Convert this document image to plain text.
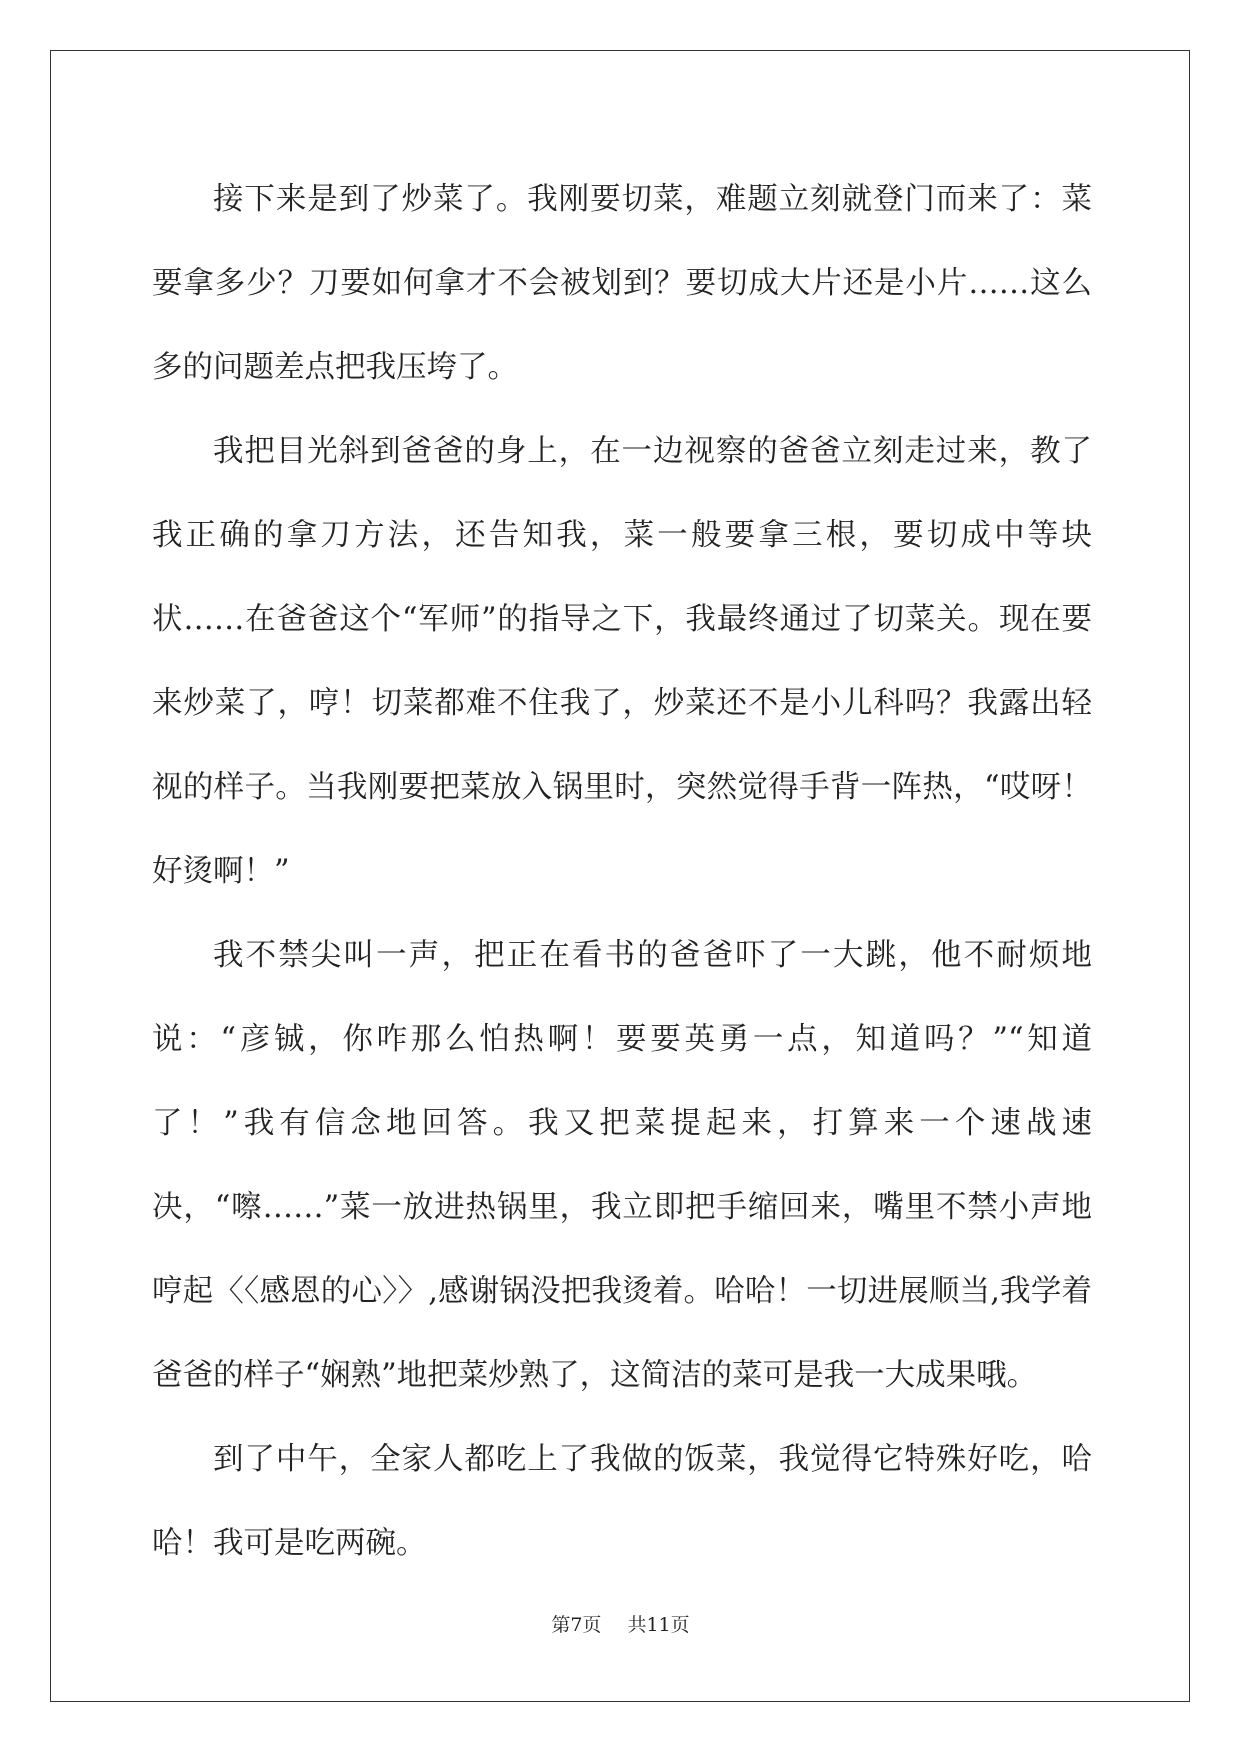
接下来是到了炒菜了。我刚要切菜，难题立刻就登门而来了：菜要拿多少？刀要如何拿才不会被划到？要切成大片还是小片……这么多的问题差点把我压垮了。

我把目光斜到爸爸的身上，在一边视察的爸爸立刻走过来，教了我正确的拿刀方法，还告知我，菜一般要拿三根，要切成中等块状……在爸爸这个“军师”的指导之下，我最终通过了切菜关。现在要来炒菜了，哼！切菜都难不住我了，炒菜还不是小儿科吗？我露出轻视的样子。当我刚要把菜放入锅里时，突然觉得手背一阵热，“哎呀！好烫啊！”

我不禁尖叫一声，把正在看书的爸爸吓了一大跳，他不耐烦地说：“彦铖，你咋那么怕热啊！要要英勇一点，知道吗？”“知道了！”我有信念地回答。我又把菜提起来，打算来一个速战速决，“嚓……”菜一放进热锅里，我立即把手缩回来，嘴里不禁小声地哼起〈〈感恩的心〉〉,感谢锅没把我烫着。哈哈！一切进展顺当,我学着爸爸的样子“娴熟”地把菜炒熟了，这简洁的菜可是我一大成果哦。

到了中午，全家人都吃上了我做的饭菜，我觉得它特殊好吃，哈哈！我可是吃两碗。

第7页 共11页
